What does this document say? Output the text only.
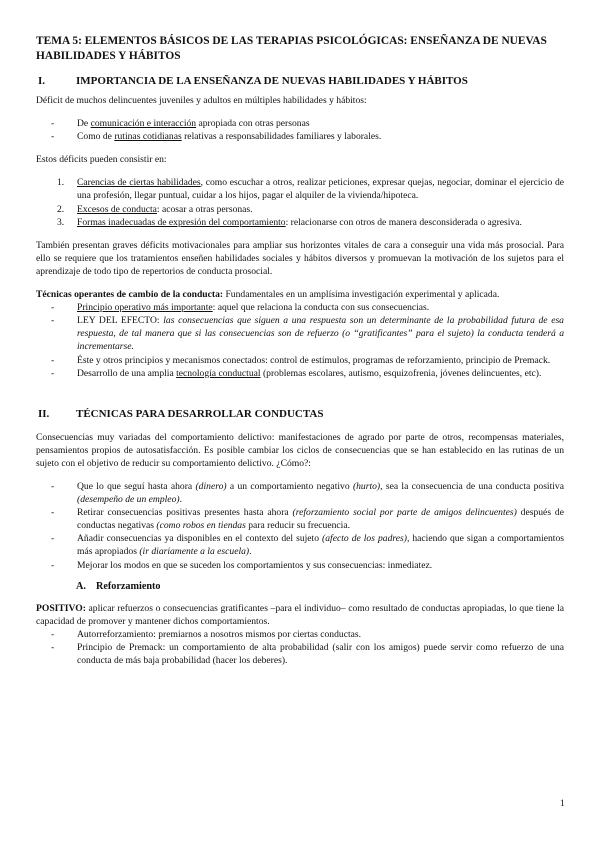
TEMA 5: ELEMENTOS BÁSICOS DE LAS TERAPIAS PSICOLÓGICAS: ENSEÑANZA DE NUEVAS HABILIDADES Y HÁBITOS
I.	IMPORTANCIA DE LA ENSEÑANZA DE NUEVAS HABILIDADES Y HÁBITOS

Déficit de muchos delincuentes juveniles y adultos en múltiples habilidades y hábitos:

- De comunicación e interacción apropiada con otras personas
- Como de rutinas cotidianas relativas a responsabilidades familiares y laborales.

Estos déficits pueden consistir en:

1. Carencias de ciertas habilidades, como escuchar a otros, realizar peticiones, expresar quejas, negociar, dominar el ejercicio de una profesión, llegar puntual, cuidar a los hijos, pagar el alquiler de la vivienda/hipoteca.
2. Excesos de conducta: acosar a otras personas.
3. Formas inadecuadas de expresión del comportamiento: relacionarse con otros de manera desconsiderada o agresiva.

También presentan graves déficits motivacionales para ampliar sus horizontes vitales de cara a conseguir una vida más prosocial. Para ello se requiere que los tratamientos enseñen habilidades sociales y hábitos diversos y promuevan la motivación de los sujetos para el aprendizaje de todo tipo de repertorios de conducta prosocial.

Técnicas operantes de cambio de la conducta: Fundamentales en un amplísima investigación experimental y aplicada.

- Principio operativo más importante: aquel que relaciona la conducta con sus consecuencias.
- LEY DEL EFECTO: las consecuencias que siguen a una respuesta son un determinante de la probabilidad futura de esa respuesta, de tal manera que si las consecuencias son de refuerzo (o “gratificantes” para el sujeto) la conducta tenderá a incrementarse.
- Éste y otros principios y mecanismos conectados: control de estímulos, programas de reforzamiento, principio de Premack.
- Desarrollo de una amplia tecnología conductual (problemas escolares, autismo, esquizofrenia, jóvenes delincuentes, etc).
II.	TÉCNICAS PARA DESARROLLAR CONDUCTAS

Consecuencias muy variadas del comportamiento delictivo: manifestaciones de agrado por parte de otros, recompensas materiales, pensamientos propios de autosatisfacción. Es posible cambiar los ciclos de consecuencias que se han establecido en las rutinas de un sujeto con el objetivo de reducir su comportamiento delictivo. ¿Cómo?:

- Que lo que seguí hasta ahora (dinero) a un comportamiento negativo (hurto), sea la consecuencia de una conducta positiva (desempeño de un empleo).
- Retirar consecuencias positivas presentes hasta ahora (reforzamiento social por parte de amigos delincuentes) después de conductas negativas (como robos en tiendas para reducir su frecuencia.
- Añadir consecuencias ya disponibles en el contexto del sujeto (afecto de los padres), haciendo que sigan a comportamientos más apropiados (ir diariamente a la escuela).
- Mejorar los modos en que se suceden los comportamientos y sus consecuencias: inmediatez.
A. Reforzamiento

POSITIVO: aplicar refuerzos o consecuencias gratificantes –para el individuo– como resultado de conductas apropiadas, lo que tiene la capacidad de promover y mantener dichos comportamientos.

- Autorreforzamiento: premiarnos a nosotros mismos por ciertas conductas.
- Principio de Premack: un comportamiento de alta probabilidad (salir con los amigos) puede servir como refuerzo de una conducta de más baja probabilidad (hacer los deberes).
1
